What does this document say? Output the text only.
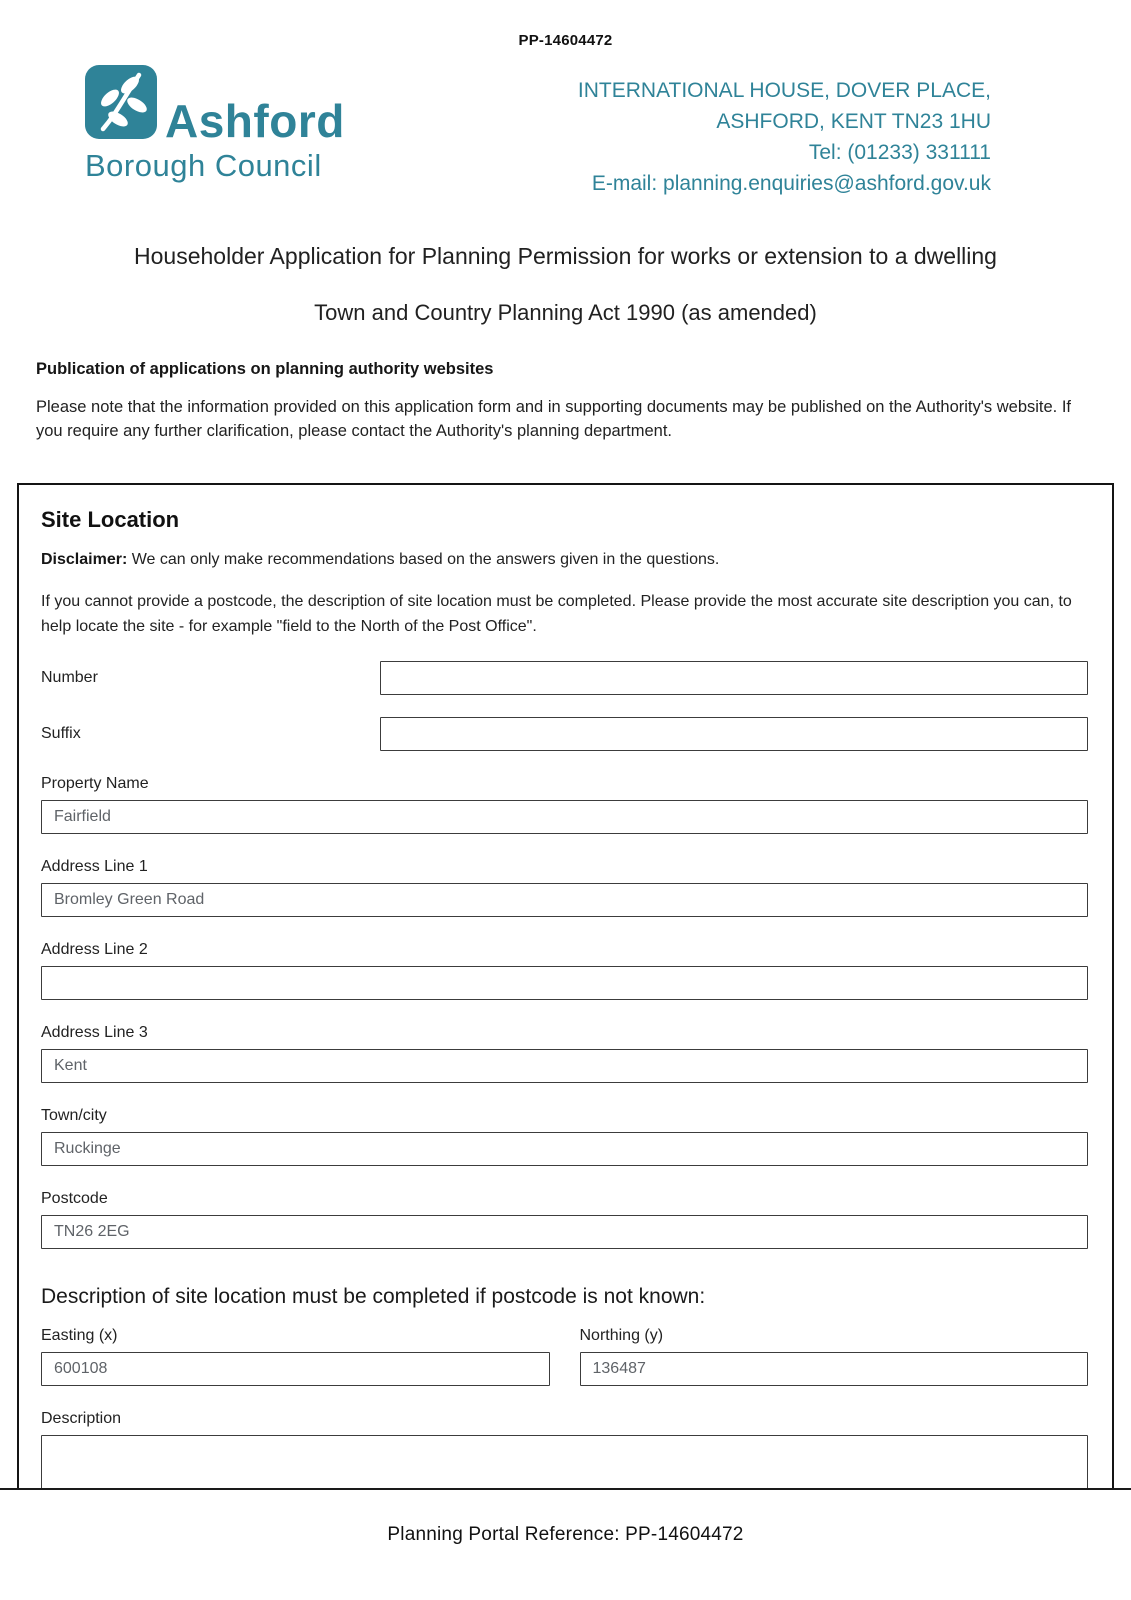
PP-14604472
Ashford
Borough Council
INTERNATIONAL HOUSE, DOVER PLACE,
ASHFORD, KENT TN23 1HU
Tel: (01233) 331111
E-mail: planning.enquiries@ashford.gov.uk
Householder Application for Planning Permission for works or extension to a dwelling
Town and Country Planning Act 1990 (as amended)
Publication of applications on planning authority websites
Please note that the information provided on this application form and in supporting documents may be published on the Authority's website. If you require any further clarification, please contact the Authority's planning department.
Site Location
Disclaimer: We can only make recommendations based on the answers given in the questions.
If you cannot provide a postcode, the description of site location must be completed. Please provide the most accurate site description you can, to help locate the site - for example "field to the North of the Post Office".
Number
Suffix
Property Name
Fairfield
Address Line 1
Bromley Green Road
Address Line 2
Address Line 3
Kent
Town/city
Ruckinge
Postcode
TN26 2EG
Description of site location must be completed if postcode is not known:
Easting (x)
600108	Northing (y)
136487
Description
Planning Portal Reference: PP-14604472
